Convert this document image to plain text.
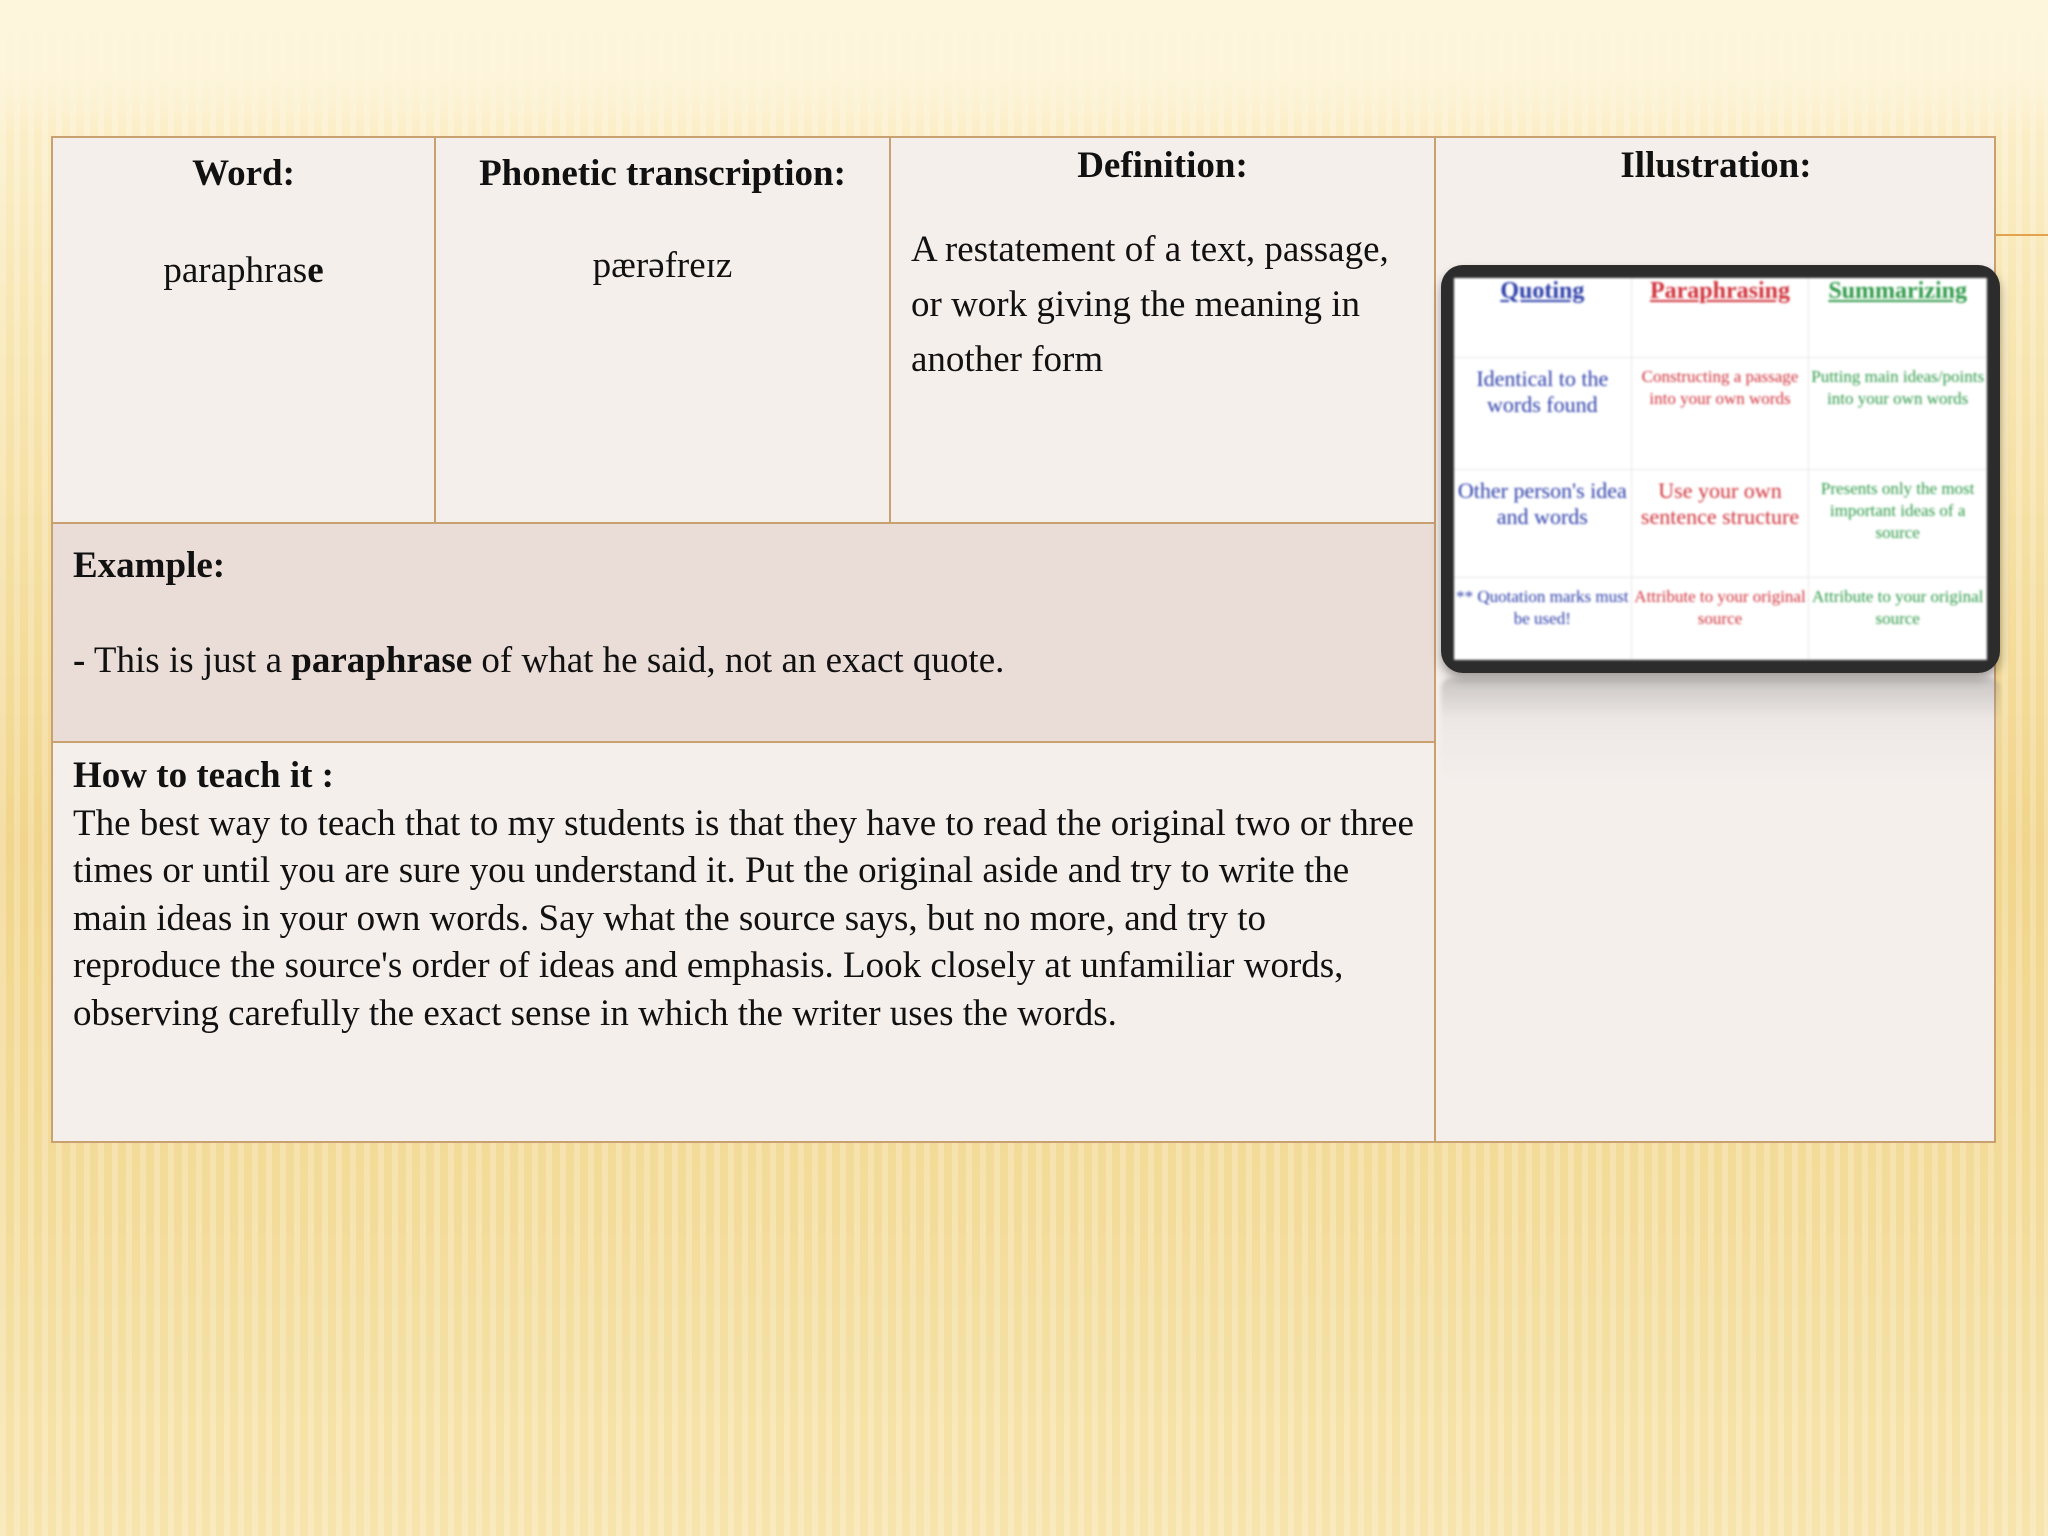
Word:
paraphrase
Phonetic transcription:
pærəfreɪz
Definition:
A restatement of a text, passage, or work giving the meaning in another form
Illustration:
Example:
- This is just a paraphrase of what he said, not an exact quote.
How to teach it :
The best way to teach that to my students is that they have to read the original two or three times or until you are sure you understand it. Put the original aside and try to write the main ideas in your own words. Say what the source says, but no more, and try to reproduce the source's order of ideas and emphasis. Look closely at unfamiliar words, observing carefully the exact sense in which the writer uses the words.
Quoting	Paraphrasing	Summarizing
Identical to the words found
Constructing a passage into your own words
Putting main ideas/points into your own words
Other person's idea and words
Use your own sentence structure
Presents only the most important ideas of a source
** Quotation marks must be used!
Attribute to your original source
Attribute to your original source
